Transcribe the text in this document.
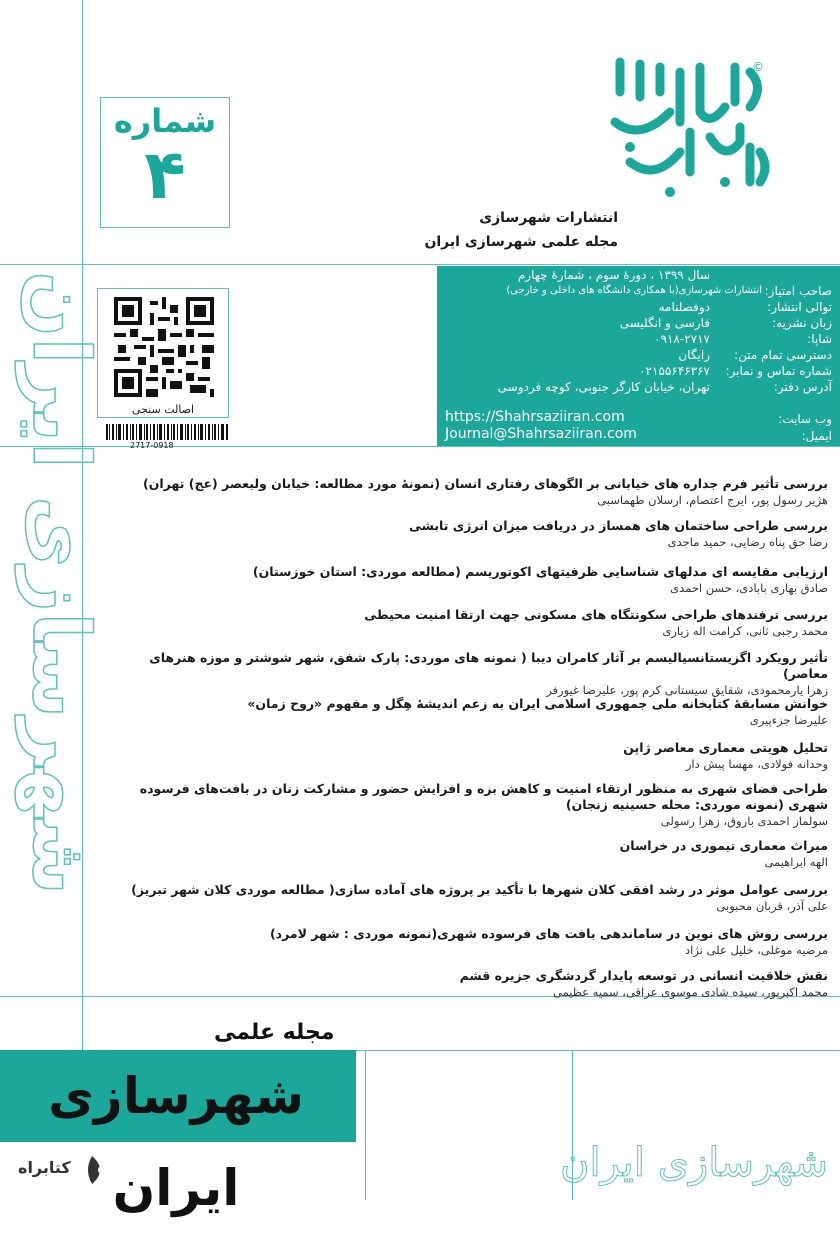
شماره
۴
©
انتشارات شهرسازی
مجله علمی شهرسازی ایران
سال ۱۳۹۹ ، دورهٔ سوم ، شمارهٔ چهارم
صاحب امتیاز:
انتشارات شهرسازی(با همکاری دانشگاه های داخلی و خارجی)
توالی انتشار:
دوفصلنامه
زبان نشریه:
فارسی و انگلیسی
شاپا:
۰۹۱۸-۲۷۱۷
دسترسی تمام متن:
رایگان
شماره تماس و نمابر:
۰۲۱۵۵۶۴۶۳۶۷
آدرس دفتر:
تهران، خیابان کارگر جنوبی، کوچه فردوسی
وب سایت:
https://Shahrsaziiran.com
ایمیل:
Journal@Shahrsaziiran.com
اصالت سنجی
2717-0918
شهرسازی ایران	بررسی تأثیر فرم جداره های خیابانی بر الگوهای رفتاری انسان (نمونهٔ مورد مطالعه: خیابان ولیعصر (عج) تهران)
هژیر رسول پور، ایرج اعتصام، ارسلان طهماسبی
بررسی طراحی ساختمان های همساز در دریافت میزان انرژی تابشی
رضا حق پناه رضایی، حمید ماجدی
ارزیابی مقایسه ای مدلهای شناسایی ظرفیتهای اکوتوریسم (مطالعه موردی: استان خوزستان)
صادق بهاری بابادی، حسن احمدی
بررسی ترفندهای طراحی سکونتگاه های مسکونی جهت ارتقا امنیت محیطی
محمد رجبی ثانی، کرامت اله زیاری
تأثیر رویکرد اگزیستانسیالیسم بر آثار کامران دیبا ( نمونه های موردی: پارک شفق، شهر شوشتر و موزه هنرهای معاصر)
زهرا یارمحمودی، شقایق سیستانی کرم پور، علیرضا غیورفر
خوانش مسابقهٔ کتابخانه ملی جمهوری اسلامی ایران به زعم اندیشهٔ هِگل و مفهوم «روح زمان»
علیرضا جزءپیری
تحلیل هویتی معماری معاصر ژاپن
وحدانه فولادی، مهسا پیش دار
طراحی فضای شهری به منظور ارتقاء امنیت و کاهش بزه و افزایش حضور و مشارکت زنان در بافت‌های فرسوده شهری (نمونه موردی: محله حسینیه زنجان)
سولماز احمدی باروق، زهرا رسولی
میراث معماری تیموری در خراسان
الهه ابراهیمی
بررسی عوامل موثر در رشد افقی کلان شهرها با تأکید بر پروژه های آماده سازی( مطالعه موردی کلان شهر تبریز)
علی آذر، قربان محبوبی
بررسی روش های نوین در ساماندهی بافت های فرسوده شهری(نمونه موردی : شهر لامرد)
مرضیه موغلی، خلیل علی نژاد
نقش خلاقیت انسانی در توسعه پایدار گردشگری جزیره قشم
محمد اکبرپور، سیده شادی موسوی عراقی، سمیه عظیمی
مجله علمی
شهرسازی ایران
کتابراه	شهرسازی ایران
